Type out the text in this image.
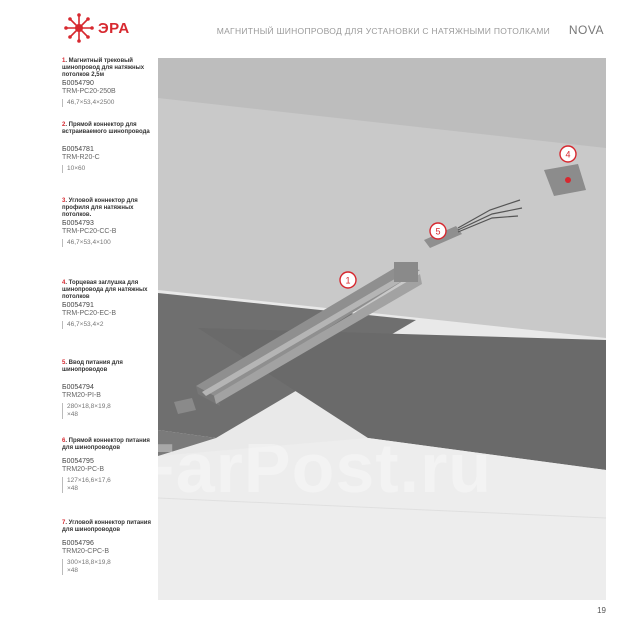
ЭРА	МАГНИТНЫЙ ШИНОПРОВОД ДЛЯ УСТАНОВКИ С НАТЯЖНЫМИ ПОТОЛКАМИ NOVA
1. Магнитный трековый шинопровод для натяжных потолков 2,5м
Б0054790
TRM-PC20-250B
46,7×53,4×2500
2. Прямой коннектор для встраиваемого шинопровода
Б0054781
TRM-R20-C
10×60
3. Угловой коннектор для профиля для натяжных потолков.
Б0054793
TRM-PC20-CC-B
46,7×53,4×100
4. Торцевая заглушка для шинопровода для натяжных потолков
Б0054791
TRM-PC20-EC-B
46,7×53,4×2
5. Ввод питания для шинопроводов
Б0054794
TRM20-PI-B
280×18,8×19,8
×48
6. Прямой коннектор питания для шинопроводов
Б0054795
TRM20-PC-B
127×16,6×17,6
×48
7. Угловой коннектор питания для шинопроводов
Б0054796
TRM20-CPC-B
300×18,8×19,8
×48
1
5
4
FarPost.ru
19
